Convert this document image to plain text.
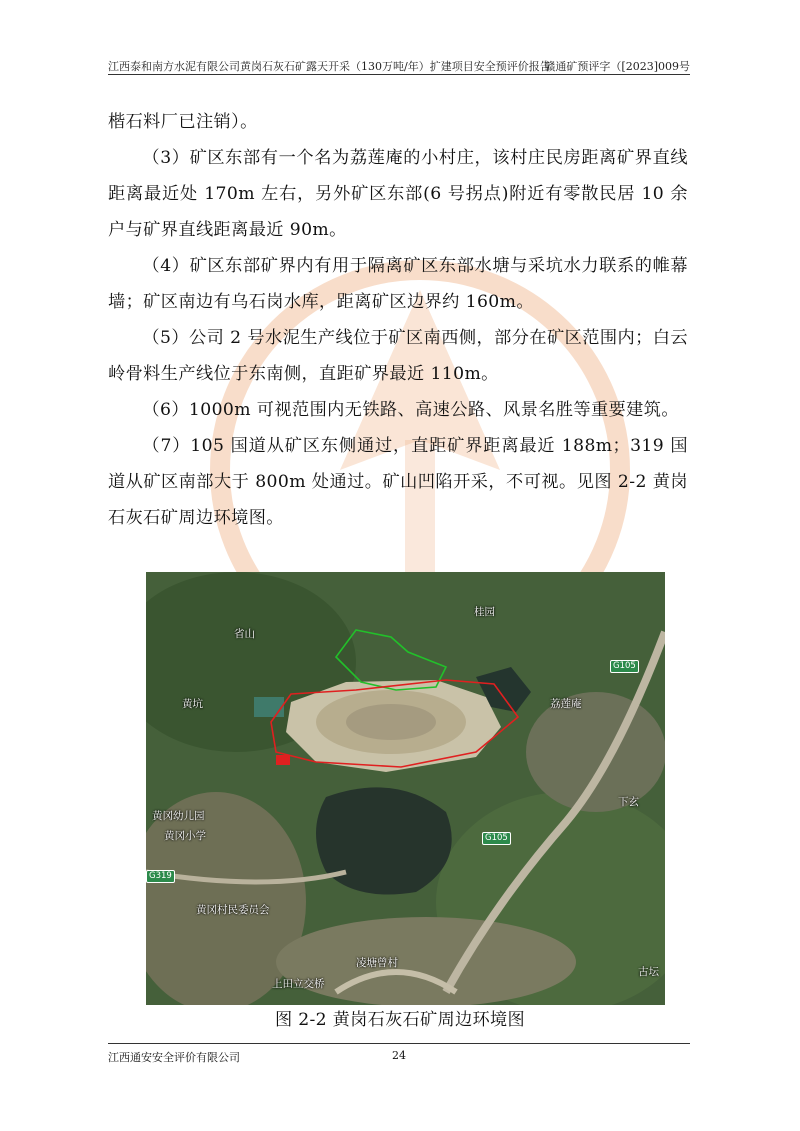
江西泰和南方水泥有限公司黄岗石灰石矿露天开采（130万吨/年）扩建项目安全预评价报告
赣通矿预评字（[2023]009号

楷石料厂已注销）。

（3）矿区东部有一个名为荔莲庵的小村庄，该村庄民房距离矿界直线距离最近处 170m 左右，另外矿区东部(6 号拐点)附近有零散民居 10 余户与矿界直线距离最近 90m。

（4）矿区东部矿界内有用于隔离矿区东部水塘与采坑水力联系的帷幕墙；矿区南边有乌石岗水库，距离矿区边界约 160m。

（5）公司 2 号水泥生产线位于矿区南西侧，部分在矿区范围内；白云岭骨料生产线位于东南侧，直距矿界最近 110m。

（6）1000m 可视范围内无铁路、高速公路、风景名胜等重要建筑。

（7）105 国道从矿区东侧通过，直距矿界距离最近 188m；319 国道从矿区南部大于 800m 处通过。矿山凹陷开采，不可视。见图 2-2 黄岗石灰石矿周边环境图。

桂园
省山
黄坑	荔莲庵
下玄
黄冈幼儿园
黄冈小学
黄冈村民委员会
凌塘曾村
上田立交桥
古坛
G105
G105
G319
图 2-2 黄岗石灰石矿周边环境图
江西通安安全评价有限公司	24
